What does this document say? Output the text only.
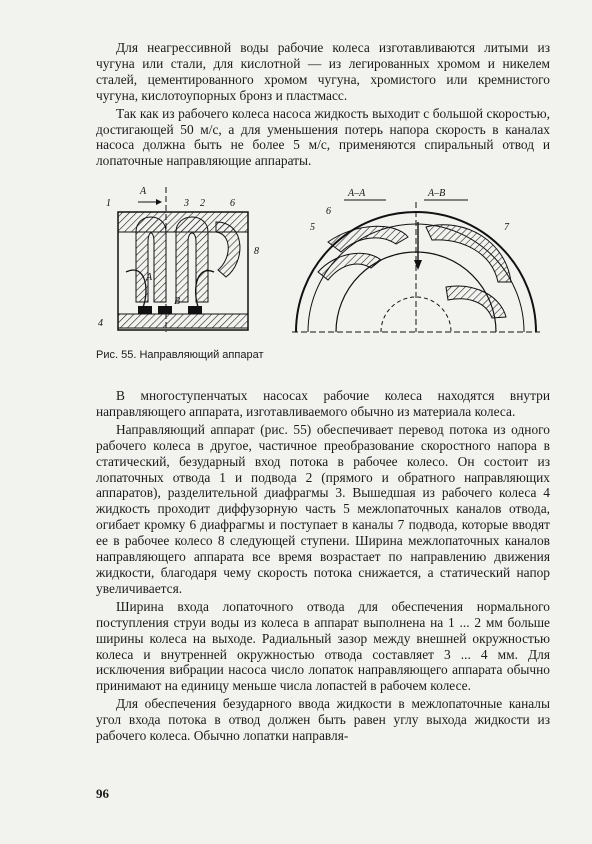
Для неагрессивной воды рабочие колеса изготавливаются литыми из чугуна или стали, для кислотной — из легированных хромом и никелем сталей, цементированного хромом чугуна, хромистого или кремнистого чугуна, кислотоупорных бронз и пластмасс.

Так как из рабочего колеса насоса жидкость выходит с большой скоростью, достигающей 50 м/с, а для уменьшения потерь напора скорость в каналах насоса должна быть не более 5 м/с, применяются спиральный отвод и лопаточные направляющие аппараты.

1
A
3 2	6
8
4
A
B
A–A	A–B
6
5	7
Рис. 55. Направляющий аппарат

В многоступенчатых насосах рабочие колеса находятся внутри направляющего аппарата, изготавливаемого обычно из материала колеса.

Направляющий аппарат (рис. 55) обеспечивает перевод потока из одного рабочего колеса в другое, частичное преобразование скоростного напора в статический, безударный вход потока в рабочее колесо. Он состоит из лопаточных отвода 1 и подвода 2 (прямого и обратного направляющих аппаратов), разделительной диафрагмы 3. Вышедшая из рабочего колеса 4 жидкость проходит диффузорную часть 5 межлопаточных каналов отвода, огибает кромку 6 диафрагмы и поступает в каналы 7 подвода, которые вводят ее в рабочее колесо 8 следующей ступени. Ширина межлопаточных каналов направляющего аппарата все время возрастает по направлению движения жидкости, благодаря чему скорость потока снижается, а статический напор увеличивается.

Ширина входа лопаточного отвода для обеспечения нормального поступления струи воды из колеса в аппарат выполнена на 1 ... 2 мм больше ширины колеса на выходе. Радиальный зазор между внешней окружностью колеса и внутренней окружностью отвода составляет 3 ... 4 мм. Для исключения вибрации насоса число лопаток направляющего аппарата обычно принимают на единицу меньше числа лопастей в рабочем колесе.

Для обеспечения безударного ввода жидкости в межлопаточные каналы угол входа потока в отвод должен быть равен углу выхода жидкости из рабочего колеса. Обычно лопатки направля-

96
